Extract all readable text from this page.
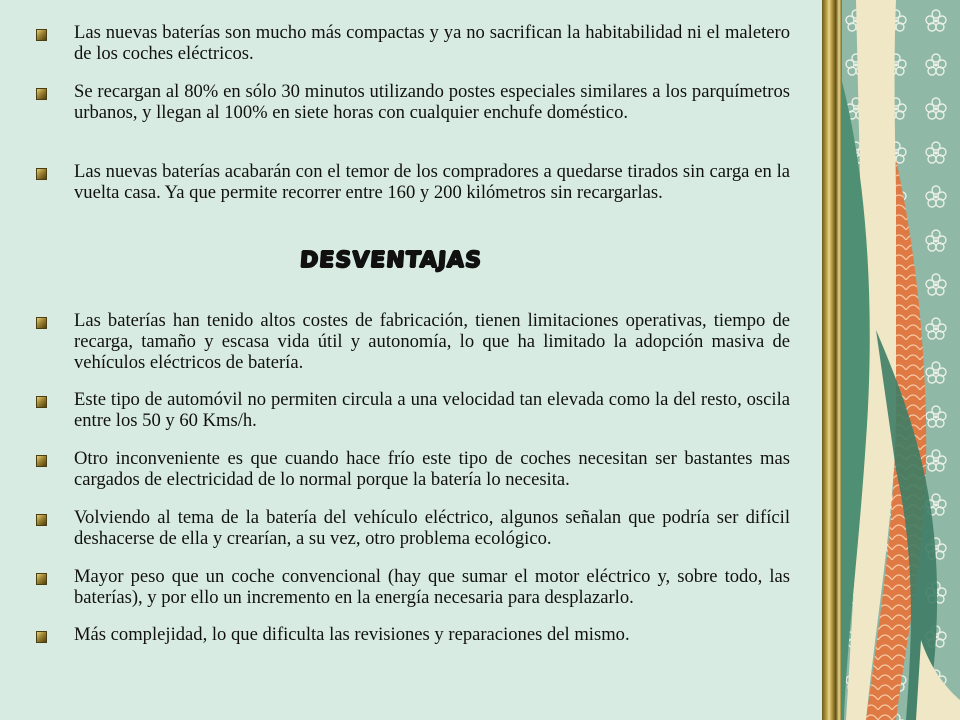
Las nuevas baterías son mucho más compactas y ya no sacrifican la habitabilidad ni el maletero de los coches eléctricos.
Se recargan al 80% en sólo 30 minutos utilizando postes especiales similares a los parquímetros urbanos, y llegan al 100% en siete horas con cualquier enchufe doméstico.
Las nuevas baterías acabarán con el temor de los compradores a quedarse tirados sin carga en la vuelta casa. Ya que permite recorrer entre 160 y 200 kilómetros sin recargarlas.
DESVENTAJAS
Las baterías han tenido altos costes de fabricación, tienen limitaciones operativas, tiempo de recarga, tamaño y escasa vida útil y autonomía, lo que ha limitado la adopción masiva de vehículos eléctricos de batería.
Este tipo de automóvil no permiten circula a una velocidad tan elevada como la del resto, oscila entre los 50 y 60 Kms/h.
Otro inconveniente es que cuando hace frío este tipo de coches necesitan ser bastantes mas cargados de electricidad de lo normal porque la batería lo necesita.
Volviendo al tema de la batería del vehículo eléctrico, algunos señalan que podría ser difícil deshacerse de ella y crearían, a su vez, otro problema ecológico.
Mayor peso que un coche convencional (hay que sumar el motor eléctrico y, sobre todo, las baterías), y por ello un incremento en la energía necesaria para desplazarlo.
Más complejidad, lo que dificulta las revisiones y reparaciones del mismo.
